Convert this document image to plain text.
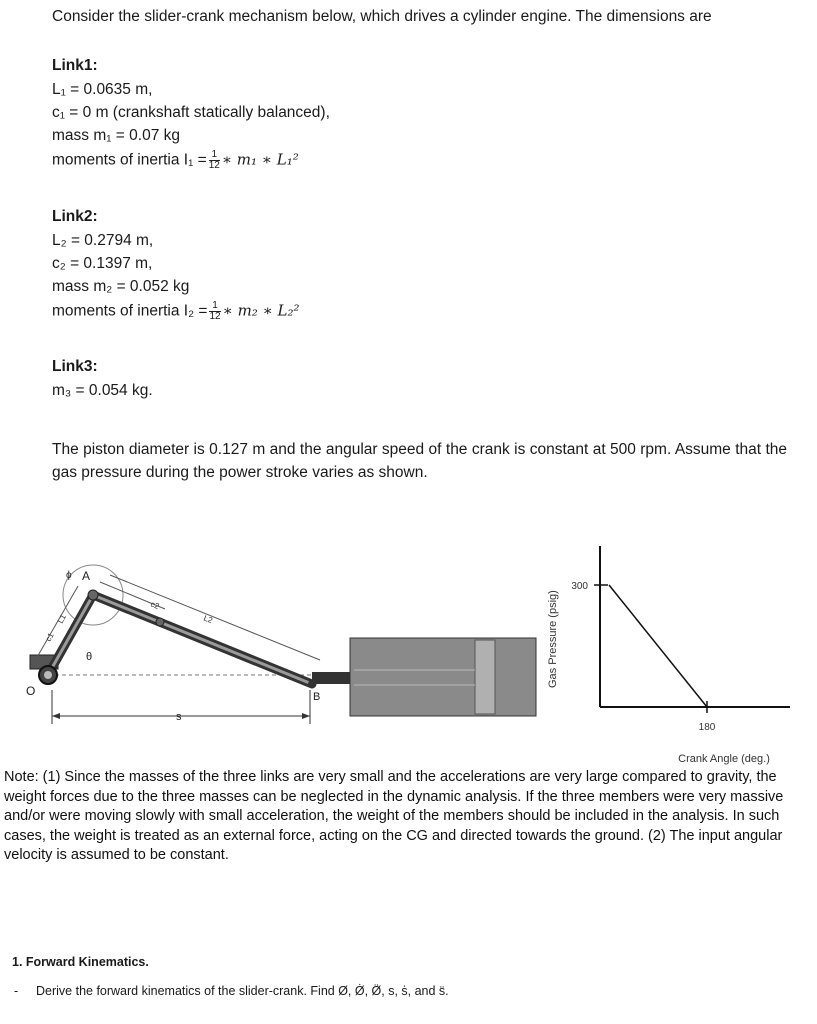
Consider the slider-crank mechanism below, which drives a cylinder engine. The dimensions are
Link1:
L₁ = 0.0635 m,
c₁ = 0 m (crankshaft statically balanced),
mass m₁ = 0.07 kg
moments of inertia $I_1 = \frac{1}{12}$ ∗ m₁ ∗ L₁²
Link2:
L₂ = 0.2794 m,
c₂ = 0.1397 m,
mass m₂ = 0.052 kg
moments of inertia $I_2 = \frac{1}{12}$ ∗ m₂ ∗ L₂²
Link3:
m₃ = 0.054 kg.
The piston diameter is 0.127 m and the angular speed of the crank is constant at 500 rpm. Assume that the gas pressure during the power stroke varies as shown.
ϕ A
θ
O	B
s
c1
L1
c2
L2	Gas Pressure (psig)
300
180
Crank Angle (deg.)
Note: (1) Since the masses of the three links are very small and the accelerations are very large compared to gravity, the weight forces due to the three masses can be neglected in the dynamic analysis. If the three members were very massive and/or were moving slowly with small acceleration, the weight of the members should be included in the analysis. In such cases, the weight is treated as an external force, acting on the CG and directed towards the ground. (2) The input angular velocity is assumed to be constant.
1. Forward Kinematics.
- Derive the forward kinematics of the slider-crank. Find Ø, Ø̇, Ø̈, s, ṡ, and s̈.
